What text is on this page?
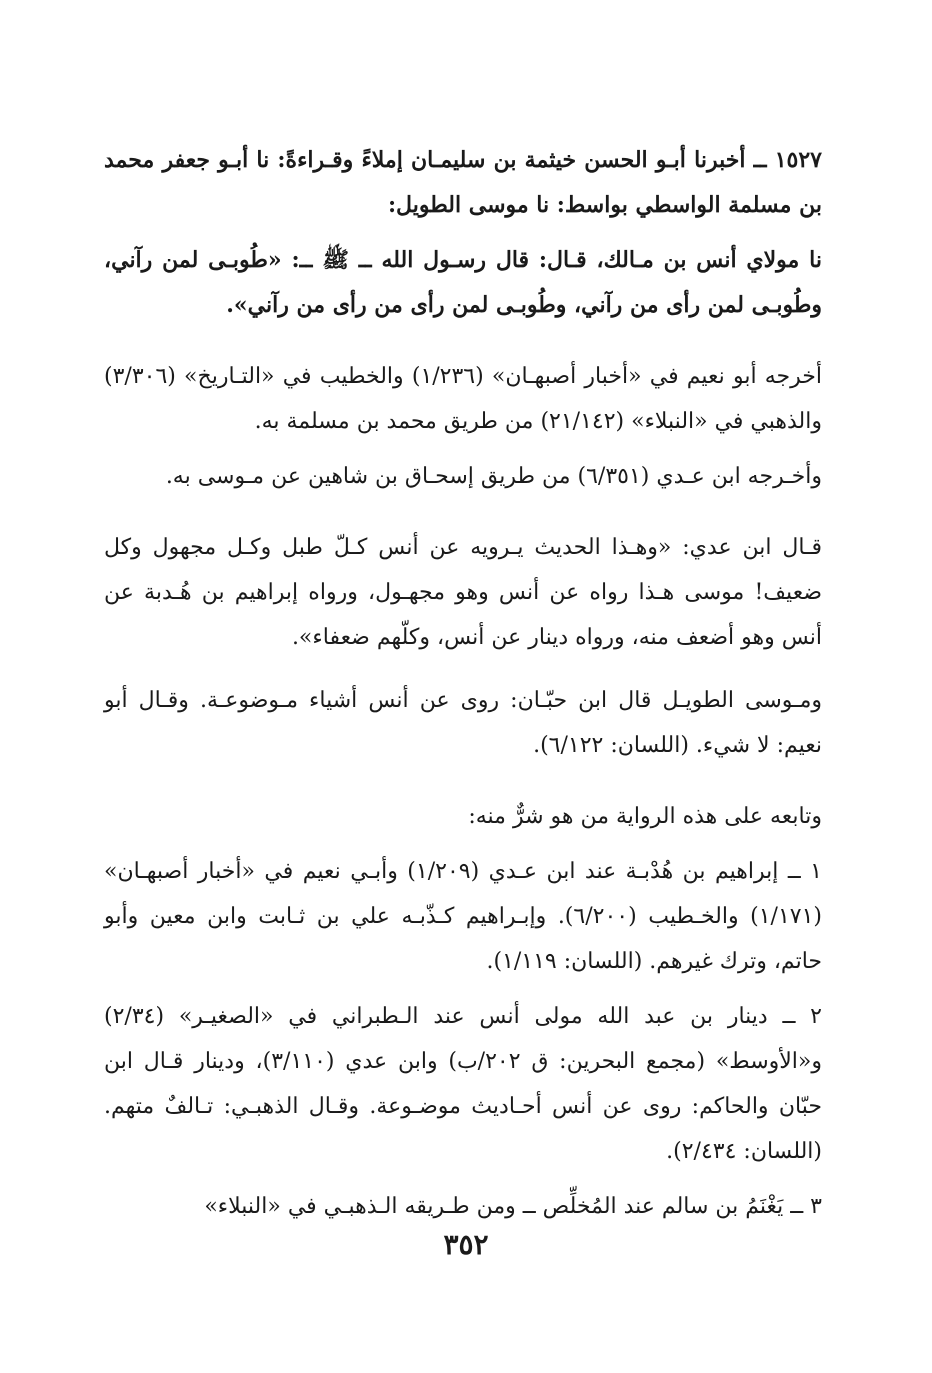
١٥٢٧ ــ أخبرنا أبـو الحسن خيثمة بن سليمـان إملاءً وقـراءةً: نا أبـو جعفر محمد بن مسلمة الواسطي بواسط: نا موسى الطويل:

نا مولاي أنس بن مـالك، قـال: قال رسـول الله ــ ﷺ ــ: «طُوبـى لمن رآني، وطُوبـى لمن رأى من رآني، وطُوبـى لمن رأى من رأى من رآني».

أخرجه أبو نعيم في «أخبار أصبهـان» (١/٢٣٦) والخطيب في «التـاريخ» (٣/٣٠٦) والذهبي في «النبلاء» (٢١/١٤٢) من طريق محمد بن مسلمة به.

وأخـرجه ابن عـدي (٦/٣٥١) من طريق إسحـاق بن شاهين عن مـوسى به.

قـال ابن عدي: «وهـذا الحديث يـرويه عن أنس كـلّ طبل وكـل مجهول وكل ضعيف! موسى هـذا رواه عن أنس وهو مجهـول، ورواه إبراهيم بن هُـدبة عن أنس وهو أضعف منه، ورواه دينار عن أنس، وكلّهم ضعفاء».

ومـوسى الطويـل قال ابن حبّـان: روى عن أنس أشياء مـوضوعـة. وقـال أبو نعيم: لا شيء. (اللسان: ٦/١٢٢).

وتابعه على هذه الرواية من هو شرٌّ منه:

١ ــ إبراهيم بن هُدْبـة عند ابن عـدي (١/٢٠٩) وأبـي نعيم في «أخبار أصبهـان» (١/١٧١) والخـطيب (٦/٢٠٠). وإبـراهيم كـذّبـه علي بن ثـابت وابن معين وأبو حاتم، وترك غيرهم. (اللسان: ١/١١٩).

٢ ــ دينار بن عبد الله مولى أنس عند الـطبراني في «الصغيـر» (٢/٣٤) و«الأوسط» (مجمع البحرين: ق ٢٠٢/ب) وابن عدي (٣/١١٠)، ودينار قـال ابن حبّان والحاكم: روى عن أنس أحـاديث موضـوعة. وقـال الذهبـي: تـالفٌ متهم. (اللسان: ٢/٤٣٤).

٣ ــ يَغْنَمُ بن سالم عند المُخلِّص ــ ومن طـريقه الـذهبـي في «النبلاء»

٣٥٢
